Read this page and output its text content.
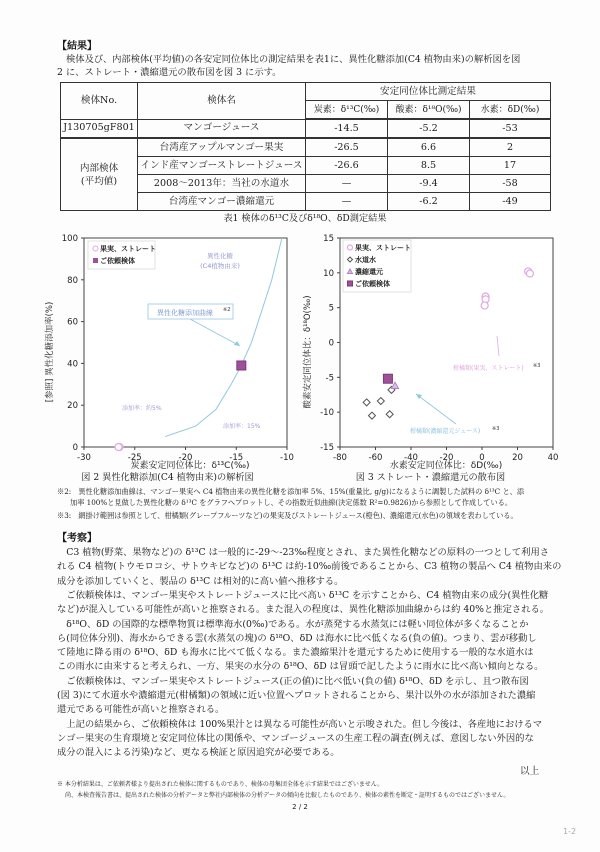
【結果】
検体及び、内部検体(平均値)の各安定同位体比の測定結果を表1に、異性化糖添加(C4 植物由来)の解析図を図
2 に、ストレート・濃縮還元の散布図を図 3 に示す。
検体No.	検体名	安定同位体比測定結果		
		炭素：δ¹³C(‰)	酸素：δ¹⁸O(‰)	水素：δD(‰)
J130705gF801	マンゴージュース	-14.5	-5.2	-53

内部検体
(平均値)	台湾産アップルマンゴー果実	-26.5	6.6	2
	インド産マンゴーストレートジュース	-26.6	8.5	17
	2008～2013年：当社の水道水	—	-9.4	-58
	台湾産マンゴー濃縮還元	—	-6.2	-49
表1 検体のδ¹³C及びδ¹⁸O、δD測定結果
-30	-25	-20	-15	-10
0
20
40
60
80
100
異性化糖
(C4植物由来)
異性化糖添加曲線 ※2
添加率：約5%
添加率：15%
果実、ストレート
ご依頼検体
炭素安定同位体比：δ¹³C(‰)
[参照] 異性化糖添加率(%)
図 2 異性化糖添加(C4 植物由来)の解析図
-80	-60	-40	-20	0	20	40
-15
-10
-5
0
5
10
15
柑橘類(果実、ストレート) ※3
柑橘類(濃縮還元ジュース) ※3
果実、ストレート
水道水
濃縮還元
ご依頼検体
水素安定同位体比：δD(‰)
酸素安定同位体比：δ¹⁸O(‰)
図 3 ストレート・濃縮還元の散布図
※2:　異性化糖添加曲線は、マンゴー果実へ C4 植物由来の異性化糖を添加率 5%、15%(重量比, g/g)になるように調製した試料の δ¹³C と、添
加率 100%と見做した異性化糖の δ¹³C をグラフへプロットし、その指数近似曲線(決定係数 R²=0.9826)から参照として作成している。
※3:　網掛け範囲は参照として、柑橘類(グレープフルーツなど)の果実及びストレートジュース(橙色)、濃縮還元(水色)の領域を表わしている。
【考察】
　C3 植物(野菜、果物など)の δ¹³C は一般的に-29～-23‰程度とされ、また異性化糖などの原料の一つとして利用さ
れる C4 植物(トウモロコシ、サトウキビなど)の δ¹³C は約-10‰前後であることから、C3 植物の製品へ C4 植物由来の
成分を添加していくと、製品の δ¹³C は相対的に高い値へ推移する。
　ご依頼検体は、マンゴー果実やストレートジュースに比べ高い δ¹³C を示すことから、C4 植物由来の成分(異性化糖
など)が混入している可能性が高いと推察される。また混入の程度は、異性化糖添加曲線からは約 40%と推定される。
　δ¹⁸O、δD の国際的な標準物質は標準海水(0‰)である。水が蒸発する水蒸気には軽い同位体が多くなることか
ら(同位体分別)、海水からできる雲(水蒸気の塊)の δ¹⁸O、δD は海水に比べ低くなる(負の値)。つまり、雲が移動し
て陸地に降る雨の δ¹⁸O、δD も海水に比べて低くなる。また濃縮果汁を還元するために使用する一般的な水道水は
この雨水に由来すると考えられ、一方、果実の水分の δ¹⁸O、δD は冒頭で記したように雨水に比べ高い傾向となる。
　ご依頼検体は、マンゴー果実やストレートジュース(正の値)に比べ低い(負の値) δ¹⁸O、δD を示し、且つ散布図
(図 3)にて水道水や濃縮還元(柑橘類)の領域に近い位置へプロットされることから、果汁以外の水が添加された濃縮
還元である可能性が高いと推察される。
　上記の結果から、ご依頼検体は 100%果汁とは異なる可能性が高いと示唆された。但し今後は、各産地におけるマ
ンゴー果実の生育環境と安定同位体比の関係や、マンゴージュースの生産工程の調査(例えば、意図しない外因的な
成分の混入による汚染)など、更なる検証と原因追究が必要である。
以上
※ 本分析結果は、ご依頼者様より提出された検体に関するものであり、検体の母集団全体を示す結果ではございません。
尚、本検査報告書は、提出された検体の分析データと弊社内部検体の分析データの傾向を比較したものであり、検体の素性を断定・証明するものではございません。
2 / 2
1-2
